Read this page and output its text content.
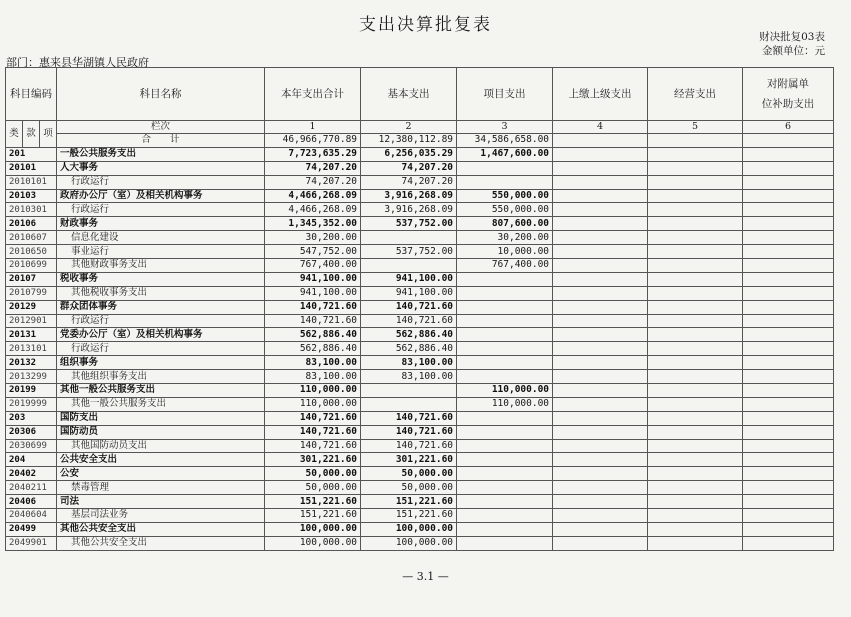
支出决算批复表
财决批复03表
金额单位：元
部门：惠来县华湖镇人民政府
科目编码			科目名称	本年支出合计	基本支出	项目支出	上缴上级支出	经营支出	对附属单
位补助支出

类	款	项	栏次	1	2	3	4	5	6
			合　　计	46,966,770.89	12,380,112.89	34,586,658.00			
201			一般公共服务支出	7,723,635.29	6,256,035.29	1,467,600.00			
20101			人大事务	74,207.20	74,207.20				
2010101			行政运行	74,207.20	74,207.20				
20103			政府办公厅（室）及相关机构事务	4,466,268.09	3,916,268.09	550,000.00			
2010301			行政运行	4,466,268.09	3,916,268.09	550,000.00			
20106			财政事务	1,345,352.00	537,752.00	807,600.00			
2010607			信息化建设	30,200.00		30,200.00			
2010650			事业运行	547,752.00	537,752.00	10,000.00			
2010699			其他财政事务支出	767,400.00		767,400.00			
20107			税收事务	941,100.00	941,100.00				
2010799			其他税收事务支出	941,100.00	941,100.00				
20129			群众团体事务	140,721.60	140,721.60				
2012901			行政运行	140,721.60	140,721.60				
20131			党委办公厅（室）及相关机构事务	562,886.40	562,886.40				
2013101			行政运行	562,886.40	562,886.40				
20132			组织事务	83,100.00	83,100.00				
2013299			其他组织事务支出	83,100.00	83,100.00				
20199			其他一般公共服务支出	110,000.00		110,000.00			
2019999			其他一般公共服务支出	110,000.00		110,000.00			
203			国防支出	140,721.60	140,721.60				
20306			国防动员	140,721.60	140,721.60				
2030699			其他国防动员支出	140,721.60	140,721.60				
204			公共安全支出	301,221.60	301,221.60				
20402			公安	50,000.00	50,000.00				
2040211			禁毒管理	50,000.00	50,000.00				
20406			司法	151,221.60	151,221.60				
2040604			基层司法业务	151,221.60	151,221.60				
20499			其他公共安全支出	100,000.00	100,000.00				
2049901			其他公共安全支出	100,000.00	100,000.00				
— 3.1 —
